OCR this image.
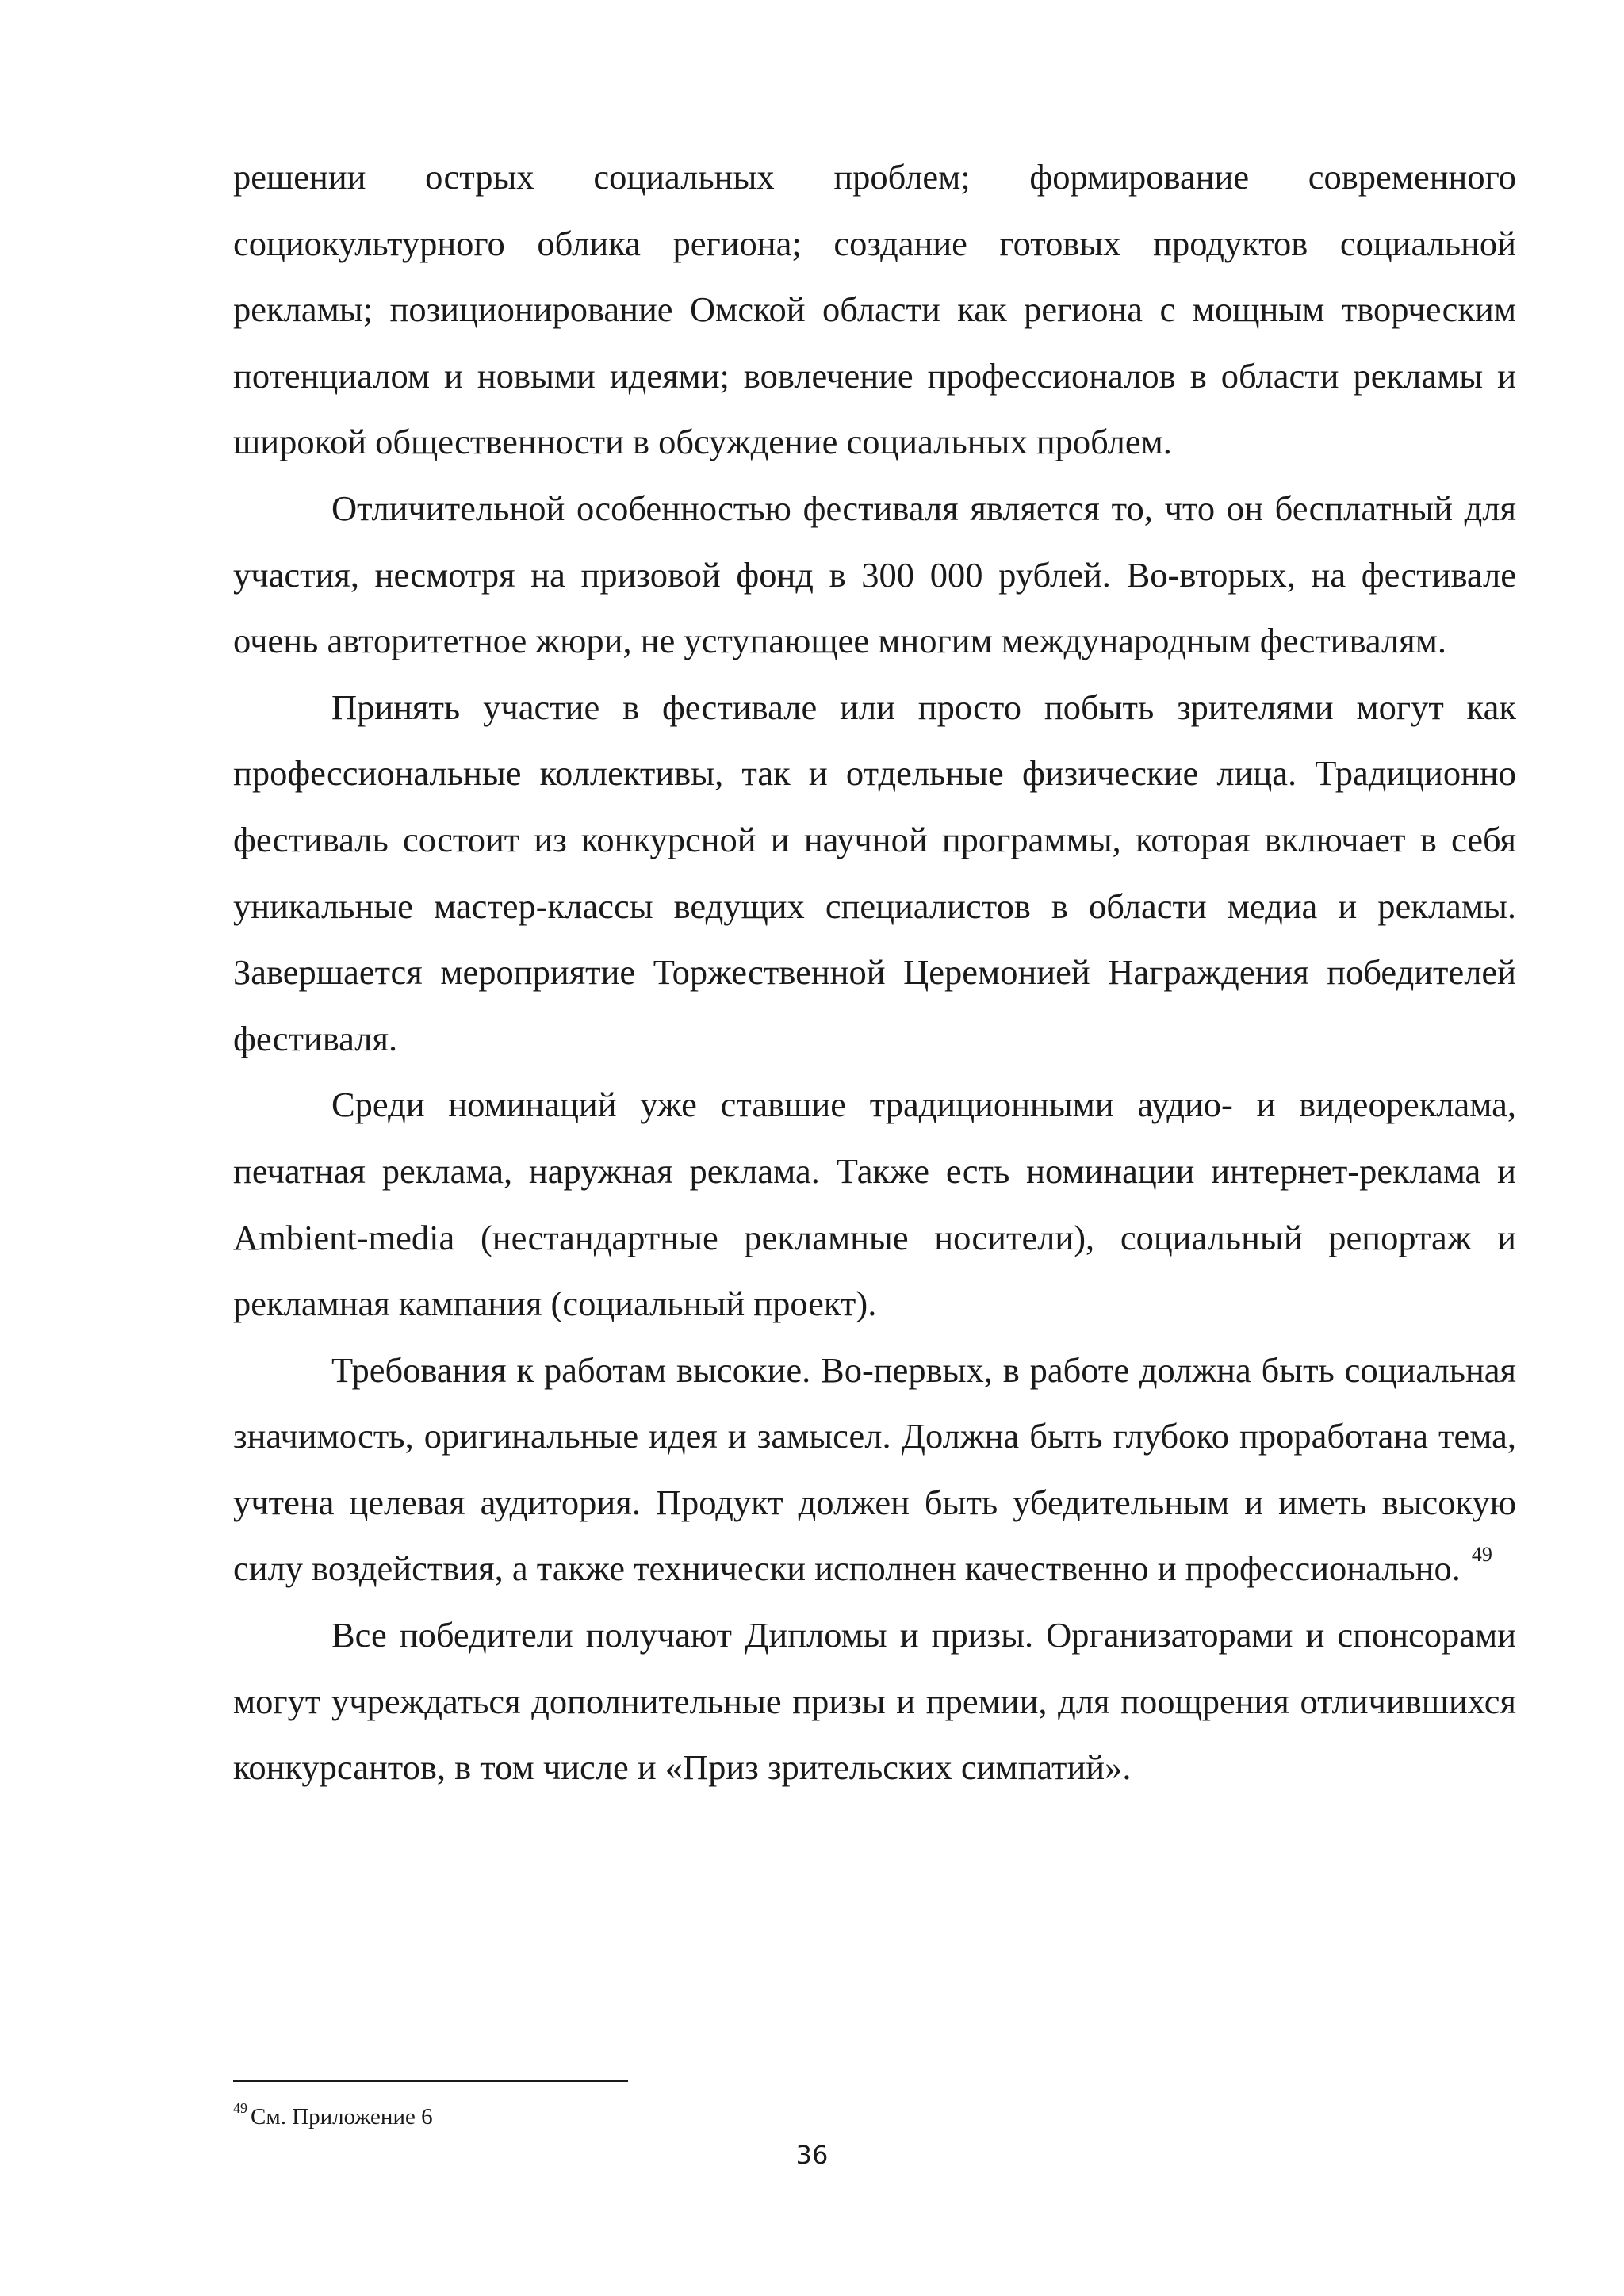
решении острых социальных проблем; формирование современного социокультурного облика региона; создание готовых продуктов социальной рекламы; позиционирование Омской области как региона с мощным творческим потенциалом и новыми идеями; вовлечение профессионалов в области рекламы и широкой общественности в обсуждение социальных проблем.

Отличительной особенностью фестиваля является то, что он бесплатный для участия, несмотря на призовой фонд в 300 000 рублей. Во-вторых, на фестивале очень авторитетное жюри, не уступающее многим международным фестивалям.

Принять участие в фестивале или просто побыть зрителями могут как профессиональные коллективы, так и отдельные физические лица. Традиционно фестиваль состоит из конкурсной и научной программы, которая включает в себя уникальные мастер-классы ведущих специалистов в области медиа и рекламы. Завершается мероприятие Торжественной Церемонией Награждения победителей фестиваля.

Среди номинаций уже ставшие традиционными аудио- и видеореклама, печатная реклама, наружная реклама. Также есть номинации интернет-реклама и Ambient-media (нестандартные рекламные носители), социальный репортаж и рекламная кампания (социальный проект).

Требования к работам высокие. Во-первых, в работе должна быть социальная значимость, оригинальные идея и замысел. Должна быть глубоко проработана тема, учтена целевая аудитория. Продукт должен быть убедительным и иметь высокую силу воздействия, а также технически исполнен качественно и профессионально. $^{49}$

Все победители получают Дипломы и призы. Организаторами и спонсорами могут учреждаться дополнительные призы и премии, для поощрения отличившихся конкурсантов, в том числе и «Приз зрительских симпатий».

$^{49}$ См. Приложение 6
36
